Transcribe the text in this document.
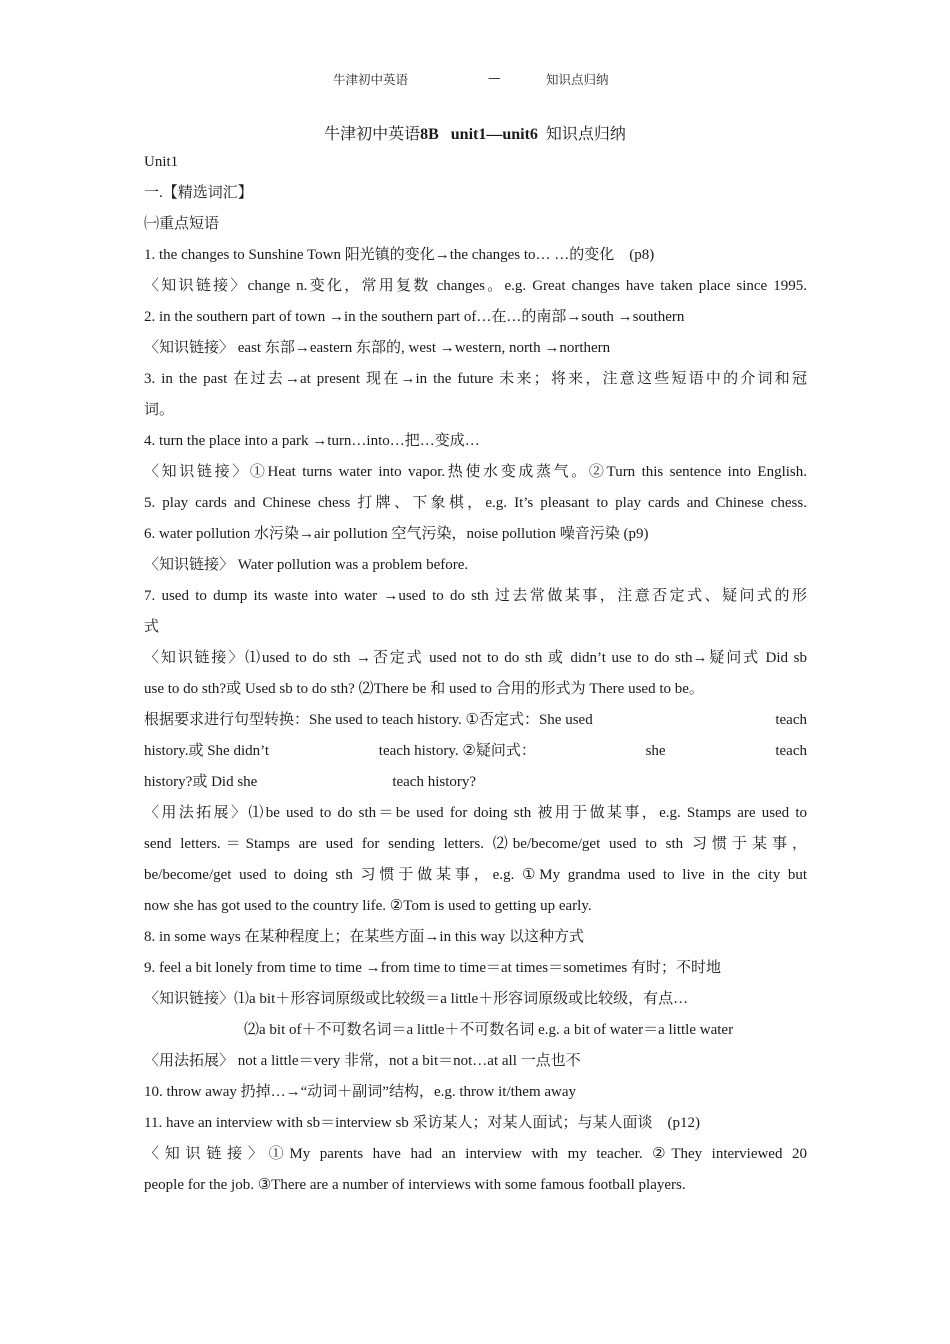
牛津初中英语	—	知识点归纳
牛津初中英语8B unit1—unit6 知识点归纳
Unit1
一.【精选词汇】
㈠重点短语
1. the changes to Sunshine Town 阳光镇的变化→the changes to… …的变化　(p8)
〈知识链接〉change n.变化，常用复数 changes。e.g. Great changes have taken place since 1995.
2. in the southern part of town →in the southern part of…在…的南部→south →southern
〈知识链接〉 east 东部→eastern 东部的, west →western, north →northern
3. in the past 在过去→at present 现在→in the future 未来；将来，注意这些短语中的介词和冠
词。
4. turn the place into a park →turn…into…把…变成…
〈知识链接〉①Heat turns water into vapor.热使水变成蒸气。②Turn this sentence into English.
5. play cards and Chinese chess 打牌、下象棋，e.g. It’s pleasant to play cards and Chinese chess.
6. water pollution 水污染→air pollution 空气污染，noise pollution 噪音污染 (p9)
〈知识链接〉 Water pollution was a problem before.
7. used to dump its waste into water →used to do sth 过去常做某事，注意否定式、疑问式的形
式
〈知识链接〉⑴used to do sth →否定式 used not to do sth 或 didn’t use to do sth→疑问式 Did sb
use to do sth?或 Used sb to do sth? ⑵There be 和 used to 合用的形式为 There used to be。
根据要求进行句型转换：She used to teach history. ①否定式：She used	teach
history.或 She didn’t	teach history. ②疑问式：	she	teach
history?或 Did she	teach history?
〈用法拓展〉⑴be used to do sth＝be used for doing sth 被用于做某事，e.g. Stamps are used to
send letters.＝Stamps are used for sending letters. ⑵be/become/get used to sth 习惯于某事，
be/become/get used to doing sth 习惯于做某事，e.g. ①My grandma used to live in the city but
now she has got used to the country life. ②Tom is used to getting up early.
8. in some ways 在某种程度上；在某些方面→in this way 以这种方式
9. feel a bit lonely from time to time →from time to time＝at times＝sometimes 有时；不时地
〈知识链接〉⑴a bit＋形容词原级或比较级＝a little＋形容词原级或比较级，有点…
⑵a bit of＋不可数名词＝a little＋不可数名词 e.g. a bit of water＝a little water
〈用法拓展〉 not a little＝very 非常，not a bit＝not…at all 一点也不
10. throw away 扔掉…→“动词＋副词”结构，e.g. throw it/them away
11. have an interview with sb＝interview sb 采访某人；对某人面试；与某人面谈　(p12)
〈知识链接〉①My parents have had an interview with my teacher. ②They interviewed 20
people for the job. ③There are a number of interviews with some famous football players.
